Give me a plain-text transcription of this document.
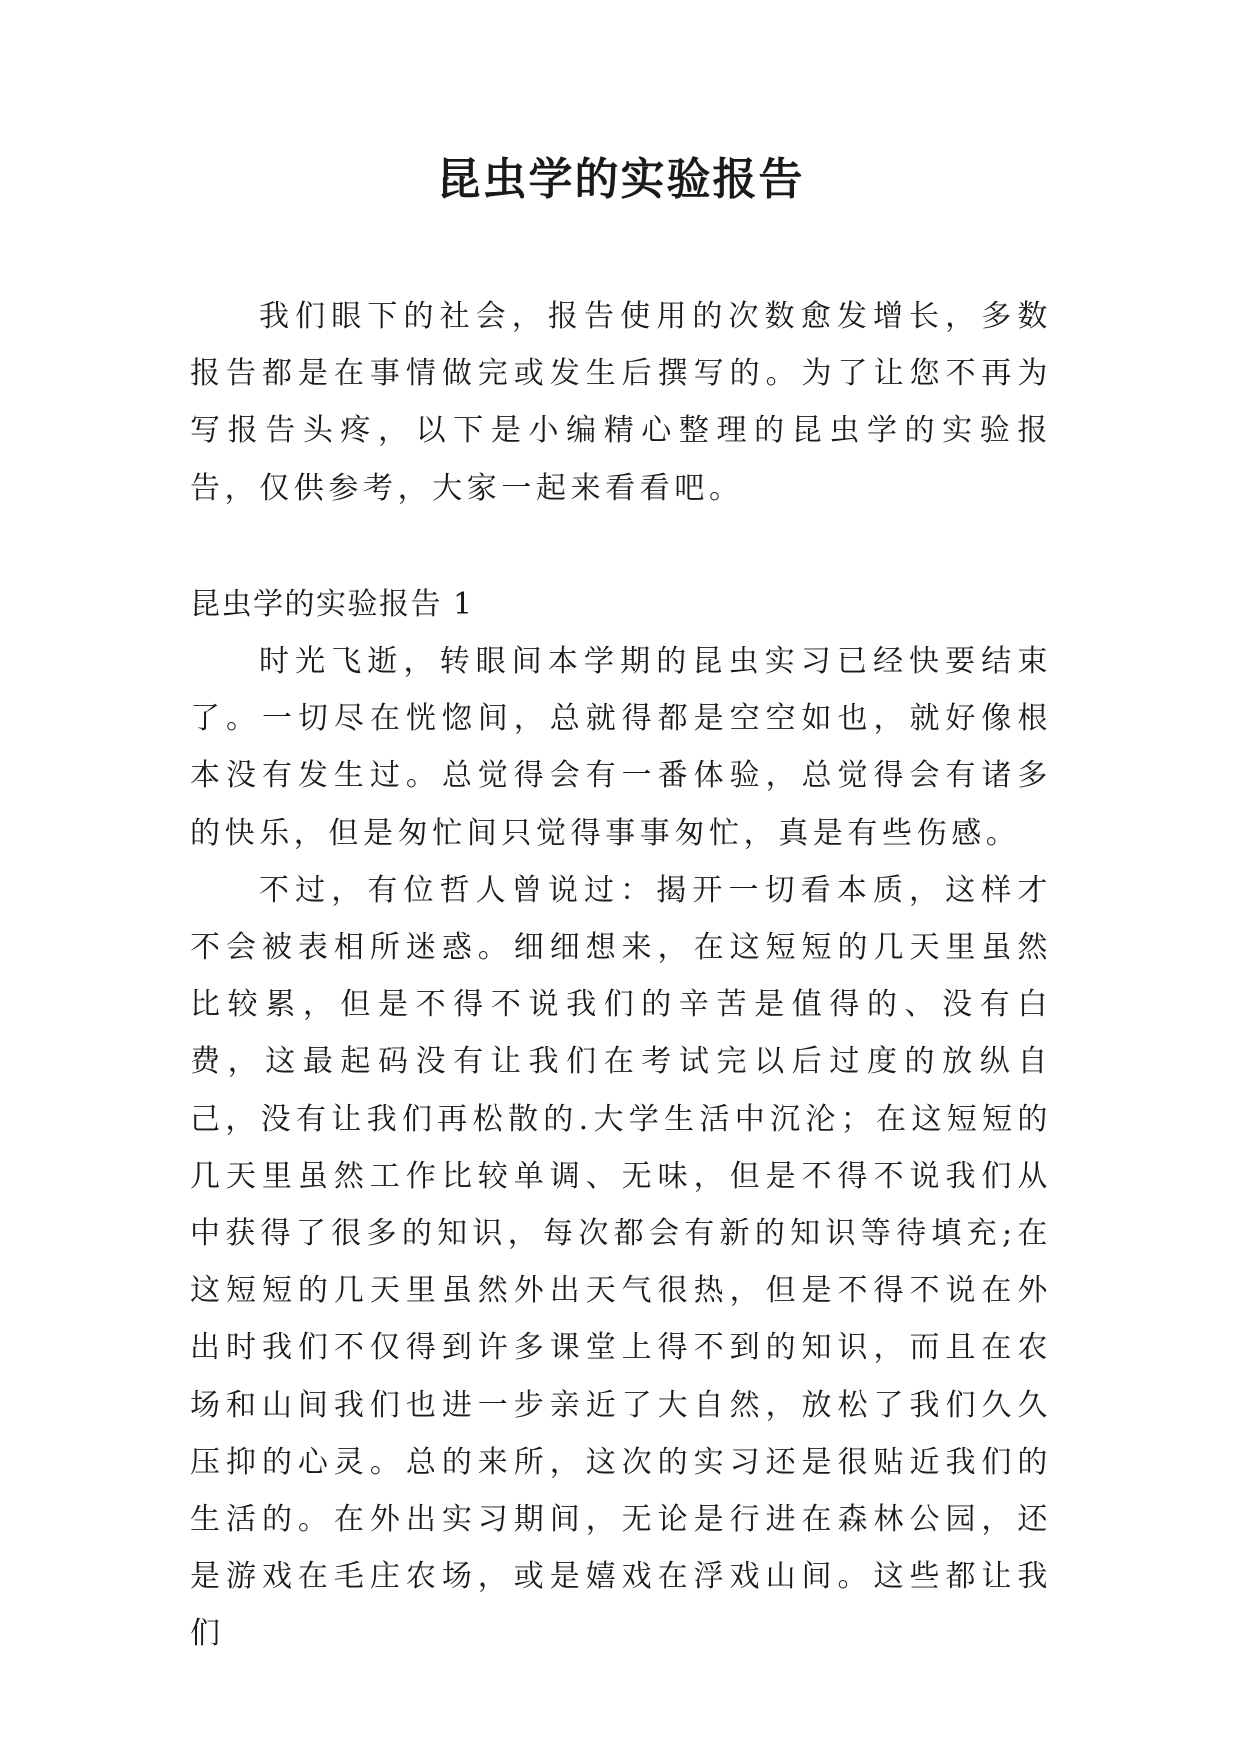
昆虫学的实验报告

我们眼下的社会，报告使用的次数愈发增长，多数报告都是在事情做完或发生后撰写的。为了让您不再为写报告头疼，以下是小编精心整理的昆虫学的实验报告，仅供参考，大家一起来看看吧。

昆虫学的实验报告 1

时光飞逝，转眼间本学期的昆虫实习已经快要结束了。一切尽在恍惚间，总就得都是空空如也，就好像根本没有发生过。总觉得会有一番体验，总觉得会有诸多的快乐，但是匆忙间只觉得事事匆忙，真是有些伤感。

不过，有位哲人曾说过：揭开一切看本质，这样才不会被表相所迷惑。细细想来，在这短短的几天里虽然比较累，但是不得不说我们的辛苦是值得的、没有白费，这最起码没有让我们在考试完以后过度的放纵自己，没有让我们再松散的.大学生活中沉沦；在这短短的几天里虽然工作比较单调、无味，但是不得不说我们从中获得了很多的知识，每次都会有新的知识等待填充;在这短短的几天里虽然外出天气很热，但是不得不说在外出时我们不仅得到许多课堂上得不到的知识，而且在农场和山间我们也进一步亲近了大自然，放松了我们久久压抑的心灵。总的来所，这次的实习还是很贴近我们的生活的。在外出实习期间，无论是行进在森林公园，还是游戏在毛庄农场，或是嬉戏在浮戏山间。这些都让我们
